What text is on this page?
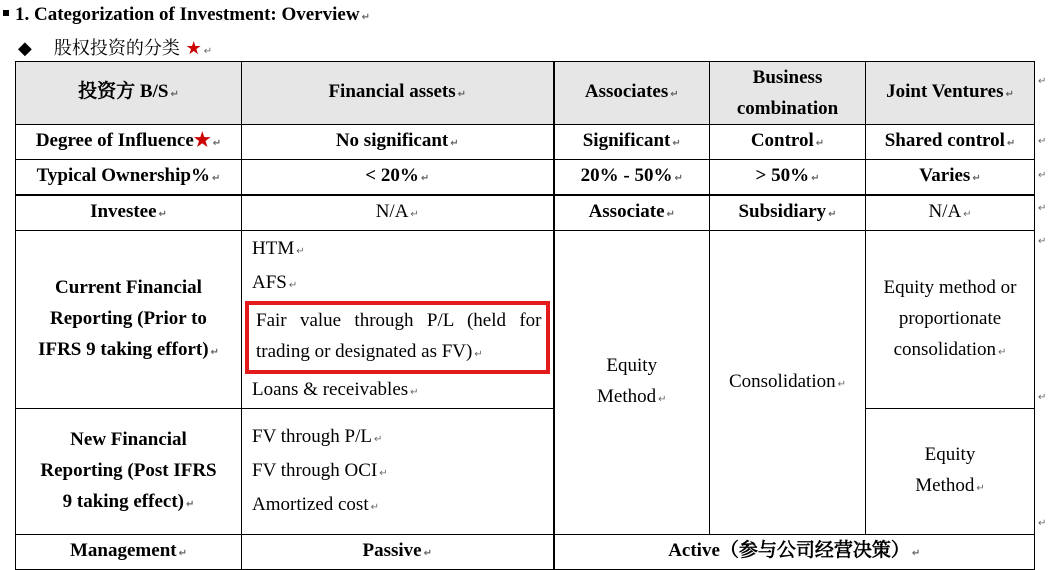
1. Categorization of Investment: Overview ↵
◆ 股权投资的分类 ★ ↵
投资方 B/S ↵	Financial assets ↵	Associates ↵	Business combination	Joint Ventures ↵
Degree of Influence★ ↵	No significant ↵	Significant ↵	Control ↵	Shared control ↵
Typical Ownership% ↵	< 20% ↵	20% - 50% ↵	> 50% ↵	Varies ↵
Investee ↵	N/A ↵	Associate ↵	Subsidiary ↵	N/A ↵
Current Financial Reporting (Prior to IFRS 9 taking effort) ↵	HTM ↵
AFS ↵
Fair value through P/L (held for trading or designated as FV) ↵
Loans & receivables ↵	Equity Method ↵	Consolidation ↵	Equity method or proportionate consolidation ↵
New Financial Reporting (Post IFRS 9 taking effect) ↵	FV through P/L ↵
FV through OCI ↵
Amortized cost ↵			Equity Method ↵
Management ↵	Passive ↵	Active（参与公司经营决策） ↵		
↵
↵
↵
↵
↵
↵
↵
